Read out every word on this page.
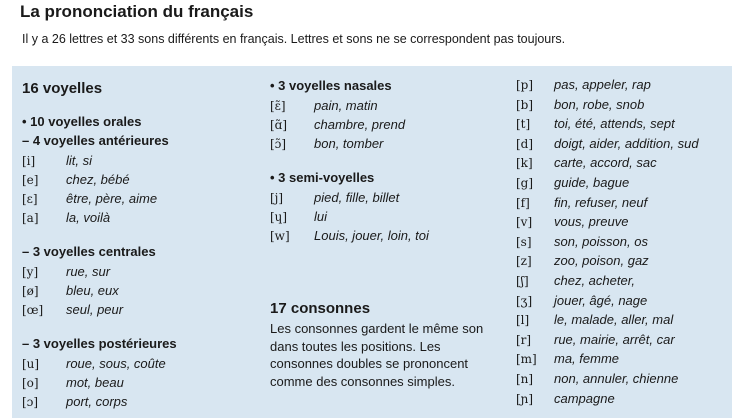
La prononciation du français
Il y a 26 lettres et 33 sons différents en français. Lettres et sons ne se correspondent pas toujours.
16 voyelles
• 10 voyelles orales
– 4 voyelles antérieures
[i] lit, si
[e] chez, bébé
[ɛ] être, père, aime
[a] la, voilà
– 3 voyelles centrales
[y] rue, sur
[ø] bleu, eux
[œ] seul, peur
– 3 voyelles postérieures
[u] roue, sous, coûte
[o] mot, beau
[ɔ] port, corps
• 3 voyelles nasales
[ɛ̃] pain, matin
[ɑ̃] chambre, prend
[ɔ̃] bon, tomber
• 3 semi-voyelles
[j] pied, fille, billet
[ɥ] lui
[w] Louis, jouer, loin, toi
17 consonnes
Les consonnes gardent le même son dans toutes les positions. Les consonnes doubles se prononcent comme des consonnes simples.
[p] pas, appeler, rap
[b] bon, robe, snob
[t] toi, été, attends, sept
[d] doigt, aider, addition, sud
[k] carte, accord, sac
[g] guide, bague
[f] fin, refuser, neuf
[v] vous, preuve
[s] son, poisson, os
[z] zoo, poison, gaz
[ʃ] chez, acheter,
[ʒ] jouer, âgé, nage
[l] le, malade, aller, mal
[r] rue, mairie, arrêt, car
[m] ma, femme
[n] non, annuler, chienne
[ɲ] campagne
